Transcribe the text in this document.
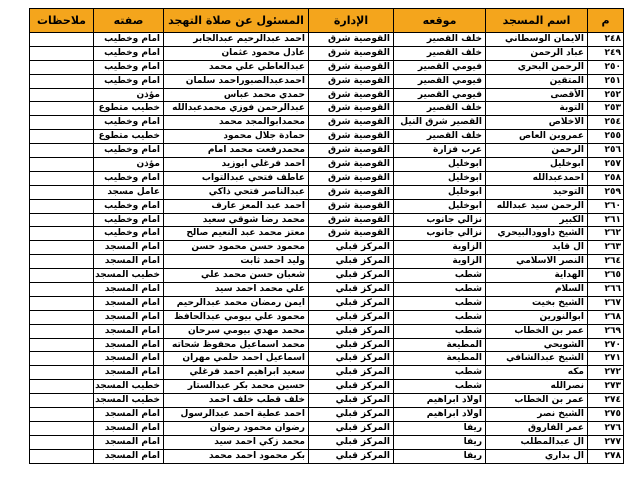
م	اسم المسجد	موقعه	الإدارة	المسئول عن صلاة التهجد	صفته	ملاحظات
٢٤٨	الايمان الوسطاني	خلف القصير	القوصية شرق	احمد عبدالرحيم عبدالجابر	امام وخطيب	
٢٤٩	عباد الرحمن	خلف القصير	القوصية شرق	عادل محمود عثمان	امام وخطيب	
٢٥٠	الرحمن البحري	فيومي القصير	القوصية شرق	عبدالعاطي علي محمد	امام وخطيب	
٢٥١	المتقين	فيومي القصير	القوصية شرق	احمدعبدالصبوراحمد سلمان	امام وخطيب	
٢٥٢	الأقصى	فيومي القصير	القوصية شرق	حمدي محمد عباس	مؤذن	
٢٥٣	التوبة	خلف القصير	القوصية شرق	عبدالرحمن فوزي محمدعبدالله	خطيب متطوع	
٢٥٤	الاخلاص	القصير شرق النيل	القوصية شرق	محمدابوالمجد محمد	امام وخطيب	
٢٥٥	عمروبن العاص	خلف القصير	القوصية شرق	حمادة جلال محمود	خطيب متطوع	
٢٥٦	الرحمن	عرب فزارة	القوصية شرق	محمدرفعت محمد امام	امام وخطيب	
٢٥٧	ابوخليل	ابوخليل	القوصية شرق	احمد فرغلي ابوزيد	مؤذن	
٢٥٨	احمدعبدالله	ابوخليل	القوصية شرق	عاطف فتحي عبدالتواب	امام وخطيب	
٢٥٩	التوحيد	ابوخليل	القوصية شرق	عبدالناصر فتحي ذاكي	عامل مسجد	
٢٦٠	الرحمن سيد عبدالله	ابوخليل	القوصية شرق	احمد عبد المعز عارف	امام وخطيب	
٢٦١	الكبير	نزالي جانوب	القوصية شرق	محمد رضا شوقي سعيد	امام وخطيب	
٢٦٢	الشيخ داوودالبيحري	نزالي جانوب	القوصية شرق	معتز محمد عبد النعيم صالح	امام وخطيب	
٢٦٣	ال قايد	الزاوية	المركز قبلي	محمود حسن محمود حسن	امام المسجد	
٢٦٤	النصر الاسلامي	الزاوية	المركز قبلي	وليد احمد ثابت	امام المسجد	
٢٦٥	الهداية	شطب	المركز قبلي	شعبان حسن محمد علي	خطيب المسجد	
٢٦٦	السلام	شطب	المركز قبلي	علي محمد احمد سيد	امام المسجد	
٢٦٧	الشيخ بخيت	شطب	المركز قبلي	ايمن رمضان محمد عبدالرحيم	امام المسجد	
٢٦٨	ابوالنورين	شطب	المركز قبلي	محمود علي بيومي عبدالحافظ	امام المسجد	
٢٦٩	عمر بن الخطاب	شطب	المركز قبلي	محمد مهدي بيومي سرحان	امام المسجد	
٢٧٠	الشويحي	المطيعة	المركز قبلي	محمد اسماعيل محفوظ شحاته	امام المسجد	
٢٧١	الشيخ عبدالشافي	المطيعة	المركز قبلي	اسماعيل احمد حلمي مهران	امام المسجد	
٢٧٢	مكه	شطب	المركز قبلي	سعيد ابراهيم احمد فرغلي	امام المسجد	
٢٧٣	نصرالله	شطب	المركز قبلي	حسين محمد بكر عبدالستار	خطيب المسجد	
٢٧٤	عمر بن الخطاب	اولاد ابراهيم	المركز قبلي	خلف قطب خلف احمد	خطيب المسجد	
٢٧٥	الشيخ نصر	اولاد ابراهيم	المركز قبلي	احمد عطية احمد عبدالرسول	امام المسجد	
٢٧٦	عمر الفاروق	ريفا	المركز قبلي	رضوان محمود رضوان	امام المسجد	
٢٧٧	ال عبدالمطلب	ريفا	المركز قبلي	محمد زكي احمد سيد	امام المسجد	
٢٧٨	ال بداري	ريفا	المركز قبلي	بكر محمود احمد محمد	امام المسجد	
